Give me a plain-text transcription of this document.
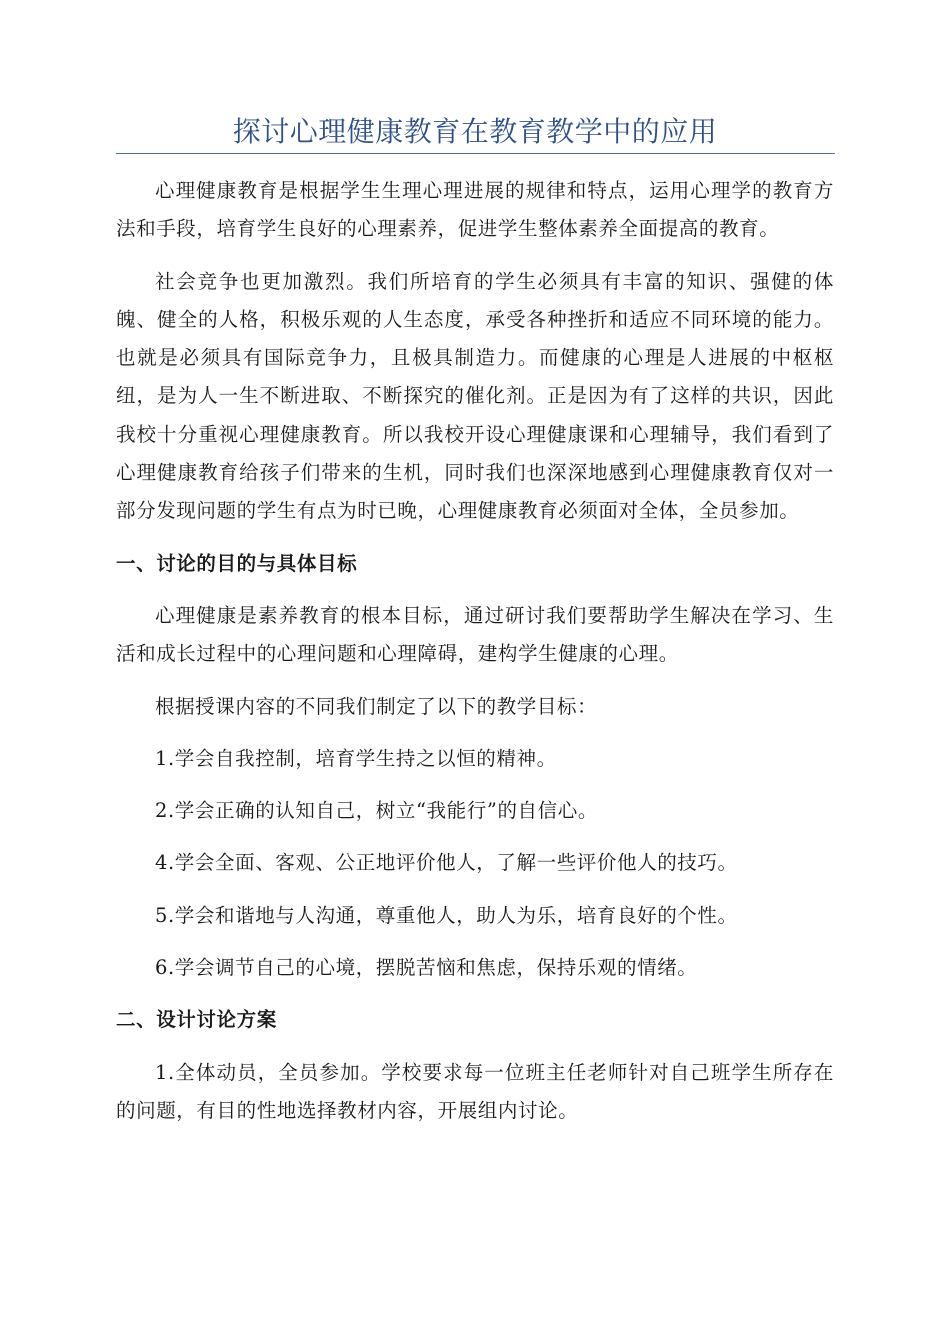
探讨心理健康教育在教育教学中的应用

心理健康教育是根据学生生理心理进展的规律和特点，运用心理学的教育方法和手段，培育学生良好的心理素养，促进学生整体素养全面提高的教育。

社会竞争也更加激烈。我们所培育的学生必须具有丰富的知识、强健的体魄、健全的人格，积极乐观的人生态度，承受各种挫折和适应不同环境的能力。也就是必须具有国际竞争力，且极具制造力。而健康的心理是人进展的中枢枢纽，是为人一生不断进取、不断探究的催化剂。正是因为有了这样的共识，因此我校十分重视心理健康教育。所以我校开设心理健康课和心理辅导，我们看到了心理健康教育给孩子们带来的生机，同时我们也深深地感到心理健康教育仅对一部分发现问题的学生有点为时已晚，心理健康教育必须面对全体，全员参加。

一、讨论的目的与具体目标

心理健康是素养教育的根本目标，通过研讨我们要帮助学生解决在学习、生活和成长过程中的心理问题和心理障碍，建构学生健康的心理。

根据授课内容的不同我们制定了以下的教学目标：

1.学会自我控制，培育学生持之以恒的精神。

2.学会正确的认知自己，树立“我能行”的自信心。

4.学会全面、客观、公正地评价他人，了解一些评价他人的技巧。

5.学会和谐地与人沟通，尊重他人，助人为乐，培育良好的个性。

6.学会调节自己的心境，摆脱苦恼和焦虑，保持乐观的情绪。

二、设计讨论方案

1.全体动员，全员参加。学校要求每一位班主任老师针对自己班学生所存在的问题，有目的性地选择教材内容，开展组内讨论。
